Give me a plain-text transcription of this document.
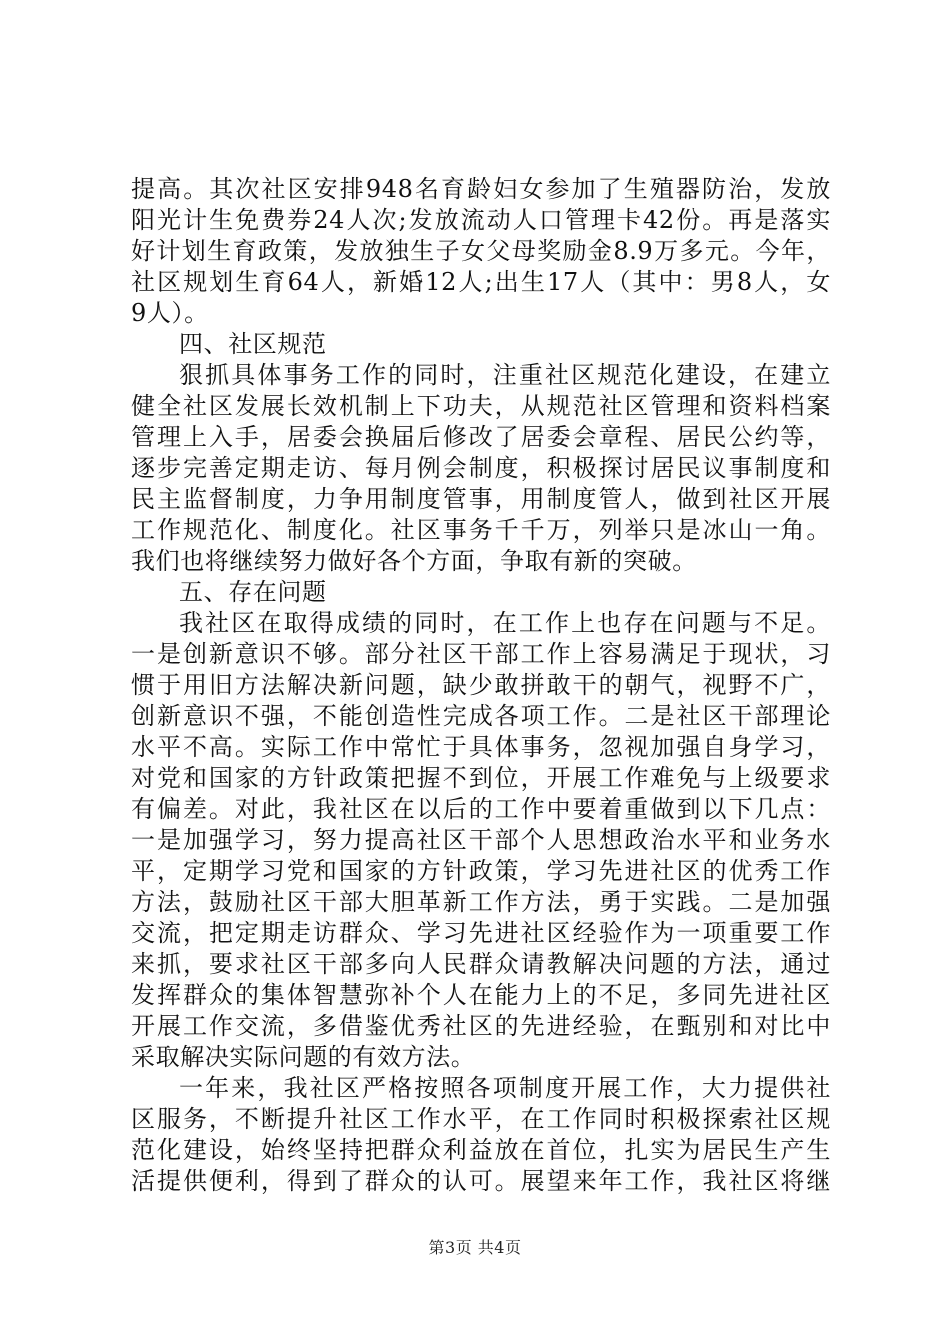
提高。其次社区安排948名育龄妇女参加了生殖器防治，发放
阳光计生免费券24人次;发放流动人口管理卡42份。再是落实
好计划生育政策，发放独生子女父母奖励金8.9万多元。今年，
社区规划生育64人，新婚12人;出生17人（其中：男8人，女
9人）。
四、社区规范
狠抓具体事务工作的同时，注重社区规范化建设，在建立
健全社区发展长效机制上下功夫，从规范社区管理和资料档案
管理上入手，居委会换届后修改了居委会章程、居民公约等，
逐步完善定期走访、每月例会制度，积极探讨居民议事制度和
民主监督制度，力争用制度管事，用制度管人，做到社区开展
工作规范化、制度化。社区事务千千万，列举只是冰山一角。
我们也将继续努力做好各个方面，争取有新的突破。
五、存在问题
我社区在取得成绩的同时，在工作上也存在问题与不足。
一是创新意识不够。部分社区干部工作上容易满足于现状，习
惯于用旧方法解决新问题，缺少敢拼敢干的朝气，视野不广，
创新意识不强，不能创造性完成各项工作。二是社区干部理论
水平不高。实际工作中常忙于具体事务，忽视加强自身学习，
对党和国家的方针政策把握不到位，开展工作难免与上级要求
有偏差。对此，我社区在以后的工作中要着重做到以下几点：
一是加强学习，努力提高社区干部个人思想政治水平和业务水
平，定期学习党和国家的方针政策，学习先进社区的优秀工作
方法，鼓励社区干部大胆革新工作方法，勇于实践。二是加强
交流，把定期走访群众、学习先进社区经验作为一项重要工作
来抓，要求社区干部多向人民群众请教解决问题的方法，通过
发挥群众的集体智慧弥补个人在能力上的不足，多同先进社区
开展工作交流，多借鉴优秀社区的先进经验，在甄别和对比中
采取解决实际问题的有效方法。
一年来，我社区严格按照各项制度开展工作，大力提供社
区服务，不断提升社区工作水平，在工作同时积极探索社区规
范化建设，始终坚持把群众利益放在首位，扎实为居民生产生
活提供便利，得到了群众的认可。展望来年工作，我社区将继
第3页 共4页
